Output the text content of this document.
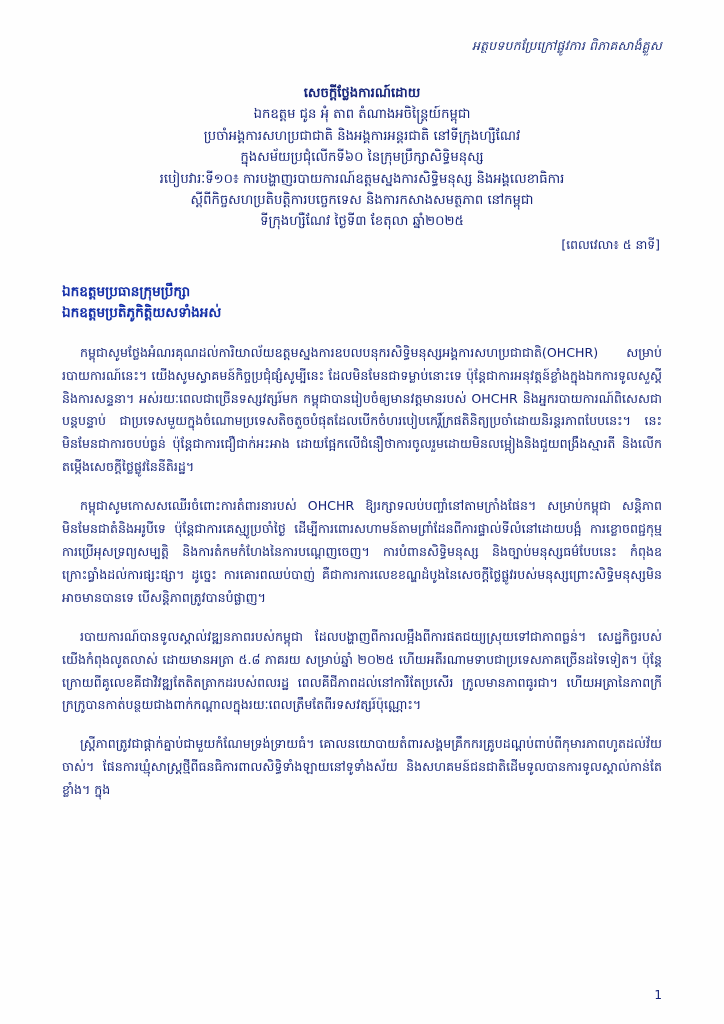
អត្ថបទបកប្រែក្រៅផ្លូវការ ពិភាគសាងំគ្លួស
សេចក្ដីថ្លែងការណ៍ដោយ
ឯកឧត្តម ជូន អុំ តាព តំណាងអចិន្ត្រៃយ៍កម្ពុជា
ប្រចាំអង្គការសហប្រជាជាតិ និងអង្គការអន្តរជាតិ នៅទីក្រុងហ្សឺណែវ
ក្នុងសម័យប្រជុំលើកទី៦០ នៃក្រុមប្រឹក្សាសិទ្ធិមនុស្ស
របៀបវារៈទី១០៖ ការបង្ហាញរបាយការណ៍ឧត្តមស្នងការសិទ្ធិមនុស្ស និងអង្គលេខាធិការ
ស្ដីពីកិច្ចសហប្រតិបត្តិការបច្ចេកទេស និងការកសាងសមត្ថភាព នៅកម្ពុជា
ទីក្រុងហ្សឺណែវ ថ្ងៃទី៣ ខែតុលា ឆ្នាំ២០២៥
[ពេលវេលា៖ ៥ នាទី]
ឯកឧត្តមប្រធានក្រុមប្រឹក្សា
ឯកឧត្តមប្រតិភូកិត្តិយសទាំងអស់

កម្ពុជាសូមថ្លែងអំណរគុណដល់ការិយាល័យឧត្តមស្នងការឧបលបនុករសិទ្ធិមនុស្សអង្គការសហប្រជាជាតិ(OHCHR) សម្រាប់របាយការណ៍នេះ។ យើងសូមស្វាគមន៍កិច្ចប្រជុំផ្សំសូម្បីនេះ ដែលមិនមែនជាទម្លាប់នោះទេ ប៉ុន្តែជាការអនុវត្តន៍ខ្លាំងក្នុងឯកការទូលសួស្តី និងការសន្ទនា។ អស់រយៈពេលជាច្រើនទស្សវត្សរ៍មក កម្ពុជាបានរៀបចំឲ្យមានវត្តមានរបស់ OHCHR និងអ្នករបាយការណ៍ពិសេសជាបន្តបន្ទាប់ ជាប្រទេសមួយក្នុងចំណោមប្រទេសតិចតួចបំផុតដែលបើកចំហរបៀបកេរ្ដិ៍ក្រផតិនិត្យប្រចាំដោយនិរន្តរភាពបែបនេះ។ នេះមិនមែនជាការចបប់ធ្ងន់ ប៉ុន្តែជាការជឿជាក់អះអាង ដោយផ្អែកលើជំនឿថាការចូលរួមដោយមិនលម្អៀងនិងជួយពង្រឹងស្មារតី និងលើកតម្កើងសេចក្ដីថ្លៃផ្លូវនៃនីតិរដ្ឋ។

កម្ពុជាសូមកោសសឈើរចំពោះការតំពារនារបស់ OHCHR ឱ្យរក្សាទលប់បញ្ចាំនៅតាមក្រាំងផែន។ សម្រាប់កម្ពុជា សន្តិភាពមិនមែនជាតំនិងអរូបីទេ ប៉ុន្តែជាការគេស្ម្យូប្រចាំថ្ងៃ ដើម្បីការពោរសហាមន៍តាមព្រាំដែនពីការផ្ទាល់ទីលំនៅដោយបង្អំ ការខ្លោចពជ្ជកុម្ម ការប្រើអុសទ្រព្យសម្បត្តិ និងការតំកមកំហែងនៃការបណ្ដេញចេញ។ ការបំពានសិទ្ធិមនុស្ស និងច្បាប់មនុស្សធម៌បែបនេះ កំពុងឧក្រោះធ្វាំងដល់ការផ្សះផ្សា។ ដូច្នេះ ការគោរពឈប់បាញ់ គឺជាការការលេខខណ្ឌដំបូងនៃសេចក្ដីថ្លៃផ្លូវរបស់មនុស្សព្រោះសិទ្ធិមនុស្សមិនអាចមានបានទេ បើសន្តិភាពត្រូវបានបំផ្លាញ។

របាយការណ៍បានទូលស្គាល់វឌ្ឍនភាពរបស់កម្ពុជា ដែលបង្ហាញពីការលម្អឹងពីការផតជយ្យស្រុយទៅជាភាពធ្លន់។ សេដ្ឋកិច្ចរបស់យើងកំពុងលូតលាស់ ដោយមានអត្រា ៥.៨ ភាគរយ សម្រាប់ឆ្នាំ ២០២៥ ហើយអតីរណាមទាបជាប្រទេសភាគច្រើនដទៃទៀត។ ប៉ុន្តែ ក្រោយពីគូលេខគីជាវិវឌ្ឍតែតិតត្រាកដរបស់ពលរដ្ឋ ពេលគីជីភាពដល់នៅការំំតែប្រសើរ ក្រូលមានភាពធូរជា។ ហើយអត្រានៃភាពក្រីក្រក្រូបានកាត់បន្ថយជាងពាក់កណ្ដាលក្នុងរយៈពេលត្រឹមតែពីរទសវត្សរ៍ប៉ុណ្ណោះ។

ស្ត្រីភាពត្រូវជាផ្ដាក់គ្នាប់ជាមួយកំណែមទ្រង់ទ្រាយធំ។ គោលនយោបាយតំពារសង្គមគ្រឹកករគ្រូបដណ្ដប់ពាប់ពីកុមារភាពហូតដល់វ័យចាស់។ ផែនការឃ្មុំសាស្រ្តថ្មីពីធនធិការពាលសិទ្ធិទាំងឡាយនៅទូទាំងស័យ និងសហគមន៍ជនជាតិដើមទូលបានការទូលស្គាល់កាន់តែខ្លាំង។ ក្នុង

1
